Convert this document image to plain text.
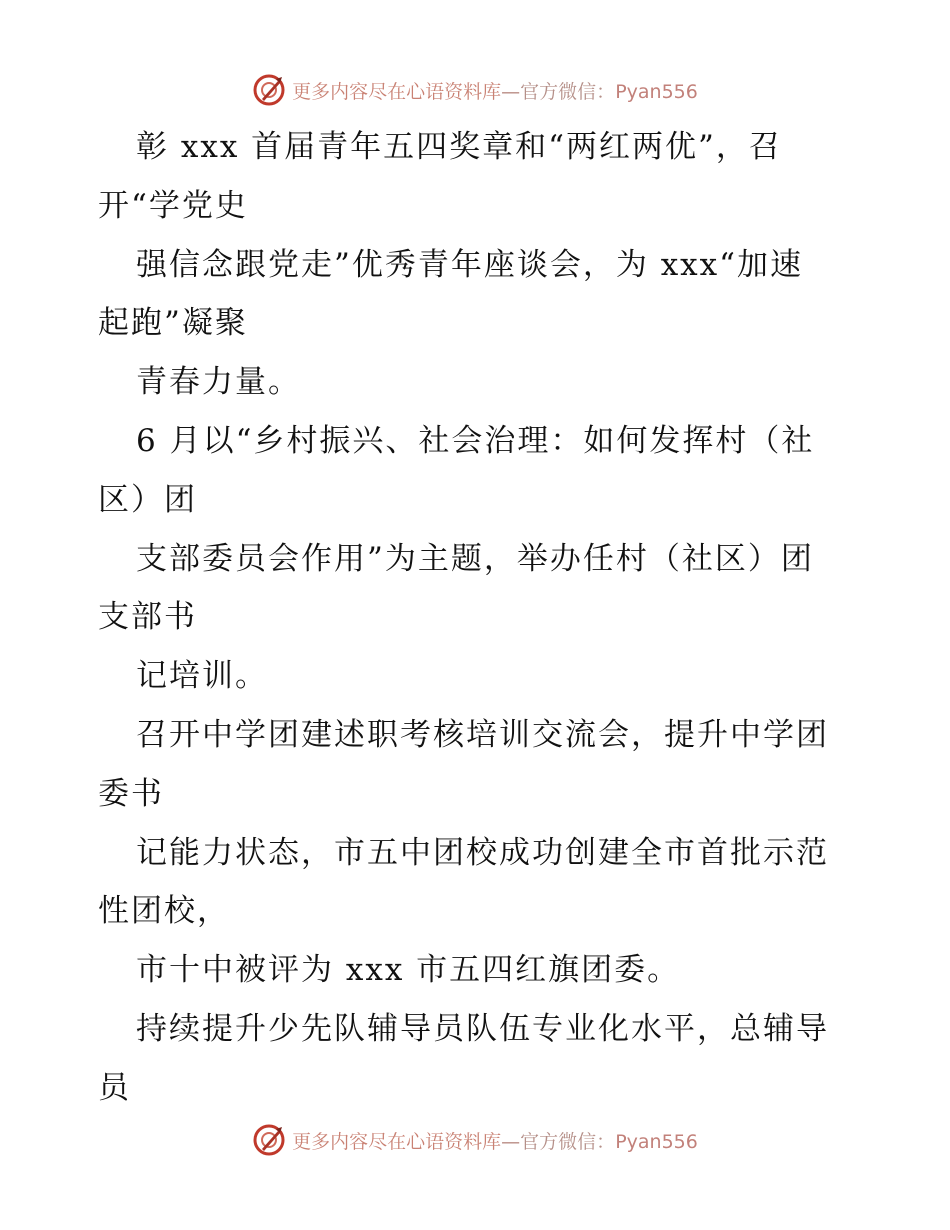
更多内容尽在心语资料库—官方微信：Pyan556
彰 xxx 首届青年五四奖章和“两红两优”，召
开“学党史
强信念跟党走”优秀青年座谈会，为 xxx“加速
起跑”凝聚
青春力量。
6 月以“乡村振兴、社会治理：如何发挥村（社
区）团
支部委员会作用”为主题，举办任村（社区）团
支部书
记培训。
召开中学团建述职考核培训交流会，提升中学团
委书
记能力状态，市五中团校成功创建全市首批示范
性团校，
市十中被评为 xxx 市五四红旗团委。
持续提升少先队辅导员队伍专业化水平，总辅导
员
更多内容尽在心语资料库—官方微信：Pyan556
